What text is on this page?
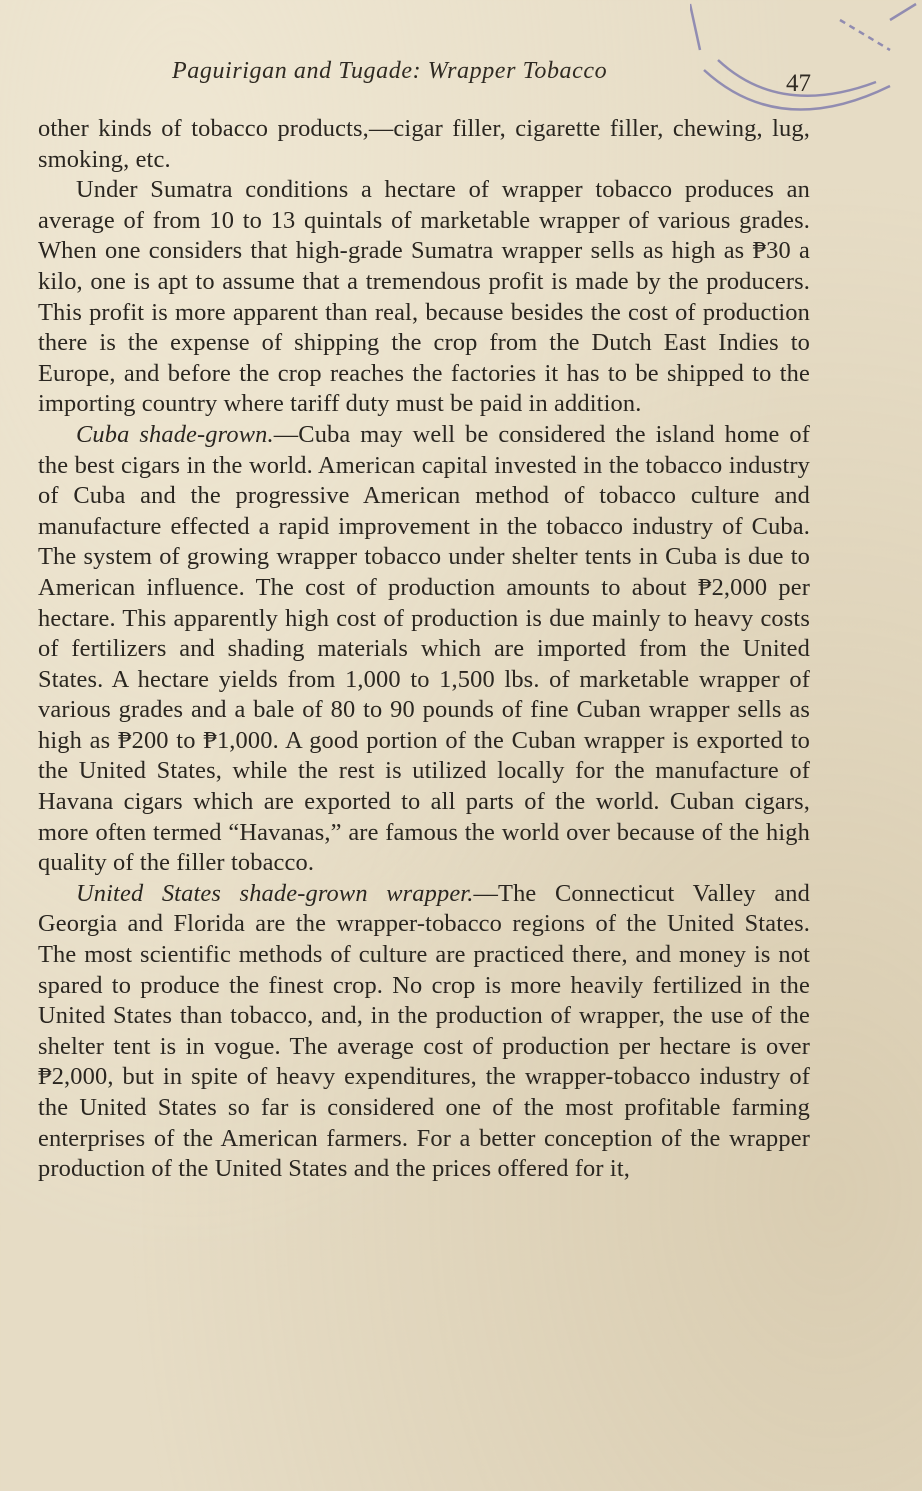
Paguirigan and Tugade: Wrapper Tobacco	47

other kinds of tobacco products,—cigar filler, cigarette filler, chewing, lug, smoking, etc.

Under Sumatra conditions a hectare of wrapper tobacco produces an average of from 10 to 13 quintals of marketable wrapper of various grades. When one considers that high-grade Sumatra wrapper sells as high as ₱30 a kilo, one is apt to assume that a tremendous profit is made by the producers. This profit is more apparent than real, because besides the cost of production there is the expense of shipping the crop from the Dutch East Indies to Europe, and before the crop reaches the factories it has to be shipped to the importing country where tariff duty must be paid in addition.

Cuba shade-grown.—Cuba may well be considered the island home of the best cigars in the world. American capital invested in the tobacco industry of Cuba and the progressive American method of tobacco culture and manufacture effected a rapid improvement in the tobacco industry of Cuba. The system of growing wrapper tobacco under shelter tents in Cuba is due to American influence. The cost of production amounts to about ₱2,000 per hectare. This apparently high cost of production is due mainly to heavy costs of fertilizers and shading materials which are imported from the United States. A hectare yields from 1,000 to 1,500 lbs. of marketable wrapper of various grades and a bale of 80 to 90 pounds of fine Cuban wrapper sells as high as ₱200 to ₱1,000. A good portion of the Cuban wrapper is exported to the United States, while the rest is utilized locally for the manufacture of Havana cigars which are exported to all parts of the world. Cuban cigars, more often termed “Havanas,” are famous the world over because of the high quality of the filler tobacco.

United States shade-grown wrapper.—The Connecticut Valley and Georgia and Florida are the wrapper-tobacco regions of the United States. The most scientific methods of culture are practiced there, and money is not spared to produce the finest crop. No crop is more heavily fertilized in the United States than tobacco, and, in the production of wrapper, the use of the shelter tent is in vogue. The average cost of production per hectare is over ₱2,000, but in spite of heavy expenditures, the wrapper-tobacco industry of the United States so far is considered one of the most profitable farming enterprises of the American farmers. For a better conception of the wrapper production of the United States and the prices offered for it,
